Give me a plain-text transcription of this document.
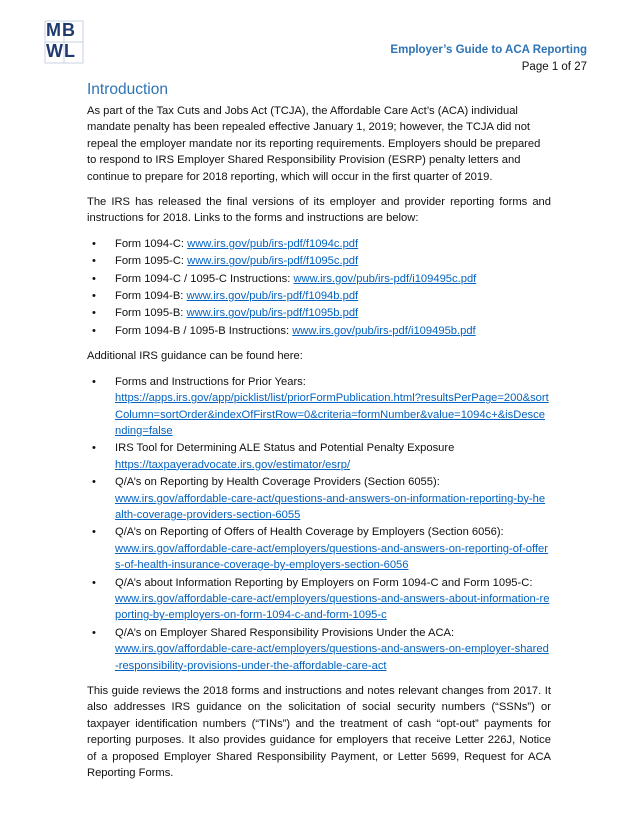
MB
WL	Employer’s Guide to ACA Reporting
Page 1 of 27
Introduction

As part of the Tax Cuts and Jobs Act (TCJA), the Affordable Care Act’s (ACA) individual mandate penalty has been repealed effective January 1, 2019; however, the TCJA did not repeal the employer mandate nor its reporting requirements. Employers should be prepared to respond to IRS Employer Shared Responsibility Provision (ESRP) penalty letters and continue to prepare for 2018 reporting, which will occur in the first quarter of 2019.

The IRS has released the final versions of its employer and provider reporting forms and instructions for 2018. Links to the forms and instructions are below:

• Form 1094-C: www.irs.gov/pub/irs-pdf/f1094c.pdf
• Form 1095-C: www.irs.gov/pub/irs-pdf/f1095c.pdf
• Form 1094-C / 1095-C Instructions: www.irs.gov/pub/irs-pdf/i109495c.pdf
• Form 1094-B: www.irs.gov/pub/irs-pdf/f1094b.pdf
• Form 1095-B: www.irs.gov/pub/irs-pdf/f1095b.pdf
• Form 1094-B / 1095-B Instructions: www.irs.gov/pub/irs-pdf/i109495b.pdf

Additional IRS guidance can be found here:

• Forms and Instructions for Prior Years:
https://apps.irs.gov/app/picklist/list/priorFormPublication.html?resultsPerPage=200&sortColumn=sortOrder&indexOfFirstRow=0&criteria=formNumber&value=1094c+&isDescending=false
• IRS Tool for Determining ALE Status and Potential Penalty Exposure
https://taxpayeradvocate.irs.gov/estimator/esrp/
• Q/A’s on Reporting by Health Coverage Providers (Section 6055):
www.irs.gov/affordable-care-act/questions-and-answers-on-information-reporting-by-health-coverage-providers-section-6055
• Q/A’s on Reporting of Offers of Health Coverage by Employers (Section 6056):
www.irs.gov/affordable-care-act/employers/questions-and-answers-on-reporting-of-offers-of-health-insurance-coverage-by-employers-section-6056
• Q/A’s about Information Reporting by Employers on Form 1094-C and Form 1095-C:
www.irs.gov/affordable-care-act/employers/questions-and-answers-about-information-reporting-by-employers-on-form-1094-c-and-form-1095-c
• Q/A’s on Employer Shared Responsibility Provisions Under the ACA:
www.irs.gov/affordable-care-act/employers/questions-and-answers-on-employer-shared-responsibility-provisions-under-the-affordable-care-act

This guide reviews the 2018 forms and instructions and notes relevant changes from 2017. It also addresses IRS guidance on the solicitation of social security numbers (“SSNs”) or taxpayer identification numbers (“TINs”) and the treatment of cash “opt-out” payments for reporting purposes. It also provides guidance for employers that receive Letter 226J, Notice of a proposed Employer Shared Responsibility Payment, or Letter 5699, Request for ACA Reporting Forms.
